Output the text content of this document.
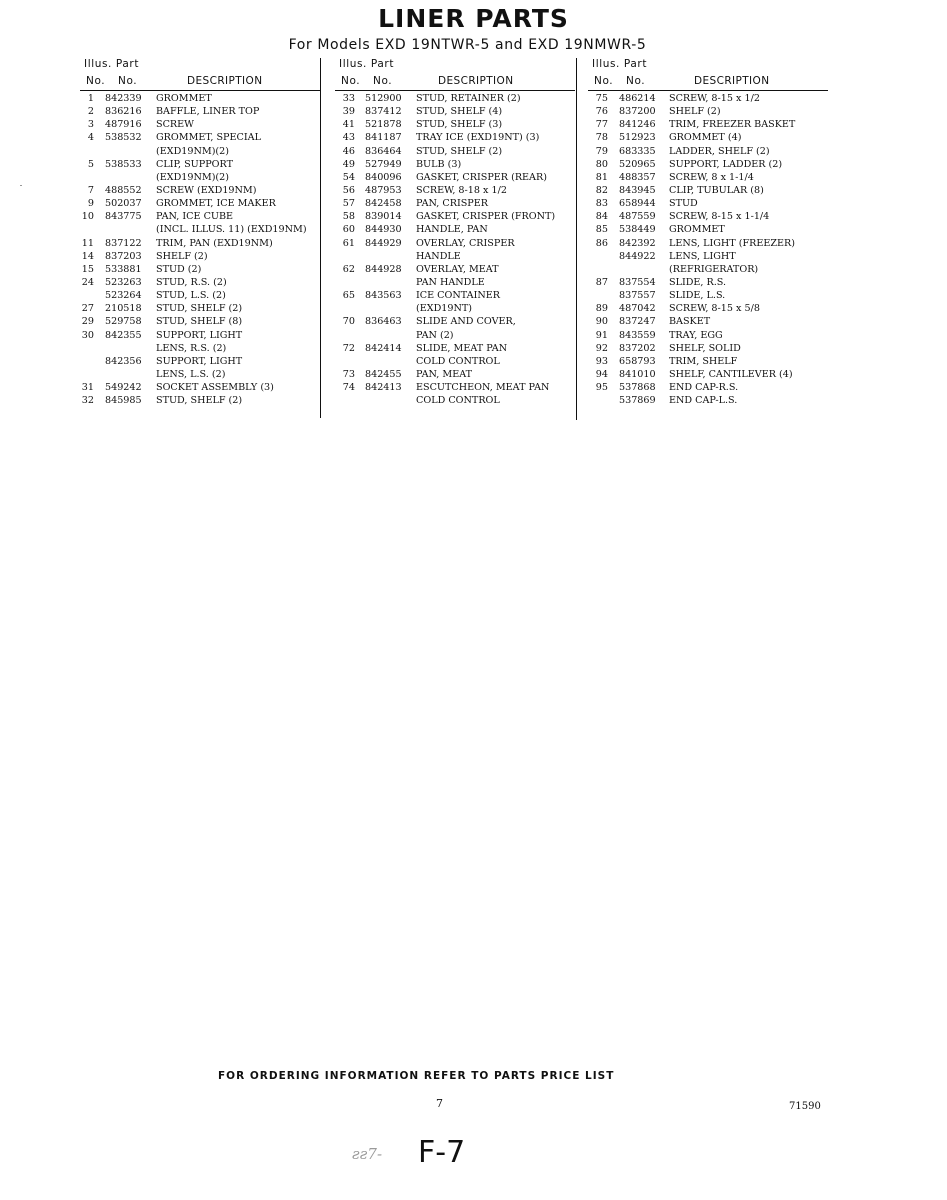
LINER PARTS
For Models EXD 19NTWR-5 and EXD 19NMWR-5
Illus. Part
No. No.	DESCRIPTION
1 842339	GROMMET
2 836216	BAFFLE, LINER TOP
3 487916	SCREW
4 538532	GROMMET, SPECIAL
(EXD19NM)(2)
5 538533	CLIP, SUPPORT
(EXD19NM)(2)
7 488552	SCREW (EXD19NM)
9 502037	GROMMET, ICE MAKER
10 843775	PAN, ICE CUBE
(INCL. ILLUS. 11) (EXD19NM)
11 837122	TRIM, PAN (EXD19NM)
14 837203	SHELF (2)
15 533881	STUD (2)
24 523263	STUD, R.S. (2)
523264	STUD, L.S. (2)
27 210518	STUD, SHELF (2)
29 529758	STUD, SHELF (8)
30 842355	SUPPORT, LIGHT
LENS, R.S. (2)
842356	SUPPORT, LIGHT
LENS, L.S. (2)
31 549242	SOCKET ASSEMBLY (3)
32 845985	STUD, SHELF (2)
Illus. Part
No. No.	DESCRIPTION
33 512900	STUD, RETAINER (2)
39 837412	STUD, SHELF (4)
41 521878	STUD, SHELF (3)
43 841187	TRAY ICE (EXD19NT) (3)
46 836464	STUD, SHELF (2)
49 527949	BULB (3)
54 840096	GASKET, CRISPER (REAR)
56 487953	SCREW, 8-18 x 1/2
57 842458	PAN, CRISPER
58 839014	GASKET, CRISPER (FRONT)
60 844930	HANDLE, PAN
61 844929	OVERLAY, CRISPER
HANDLE
62 844928	OVERLAY, MEAT
PAN HANDLE
65 843563	ICE CONTAINER
(EXD19NT)
70 836463	SLIDE AND COVER,
PAN (2)
72 842414	SLIDE, MEAT PAN
COLD CONTROL
73 842455	PAN, MEAT
74 842413	ESCUTCHEON, MEAT PAN
COLD CONTROL
Illus. Part
No. No.	DESCRIPTION
75 486214	SCREW, 8-15 x 1/2
76 837200	SHELF (2)
77 841246	TRIM, FREEZER BASKET
78 512923	GROMMET (4)
79 683335	LADDER, SHELF (2)
80 520965	SUPPORT, LADDER (2)
81 488357	SCREW, 8 x 1-1/4
82 843945	CLIP, TUBULAR (8)
83 658944	STUD
84 487559	SCREW, 8-15 x 1-1/4
85 538449	GROMMET
86 842392	LENS, LIGHT (FREEZER)
844922	LENS, LIGHT
(REFRIGERATOR)
87 837554	SLIDE, R.S.
837557	SLIDE, L.S.
89 487042	SCREW, 8-15 x 5/8
90 837247	BASKET
91 843559	TRAY, EGG
92 837202	SHELF, SOLID
93 658793	TRIM, SHELF
94 841010	SHELF, CANTILEVER (4)
95 537868	END CAP-R.S.
537869	END CAP-L.S.
FOR ORDERING INFORMATION REFER TO PARTS PRICE LIST
7	71590
ƨƨ7- F-7
